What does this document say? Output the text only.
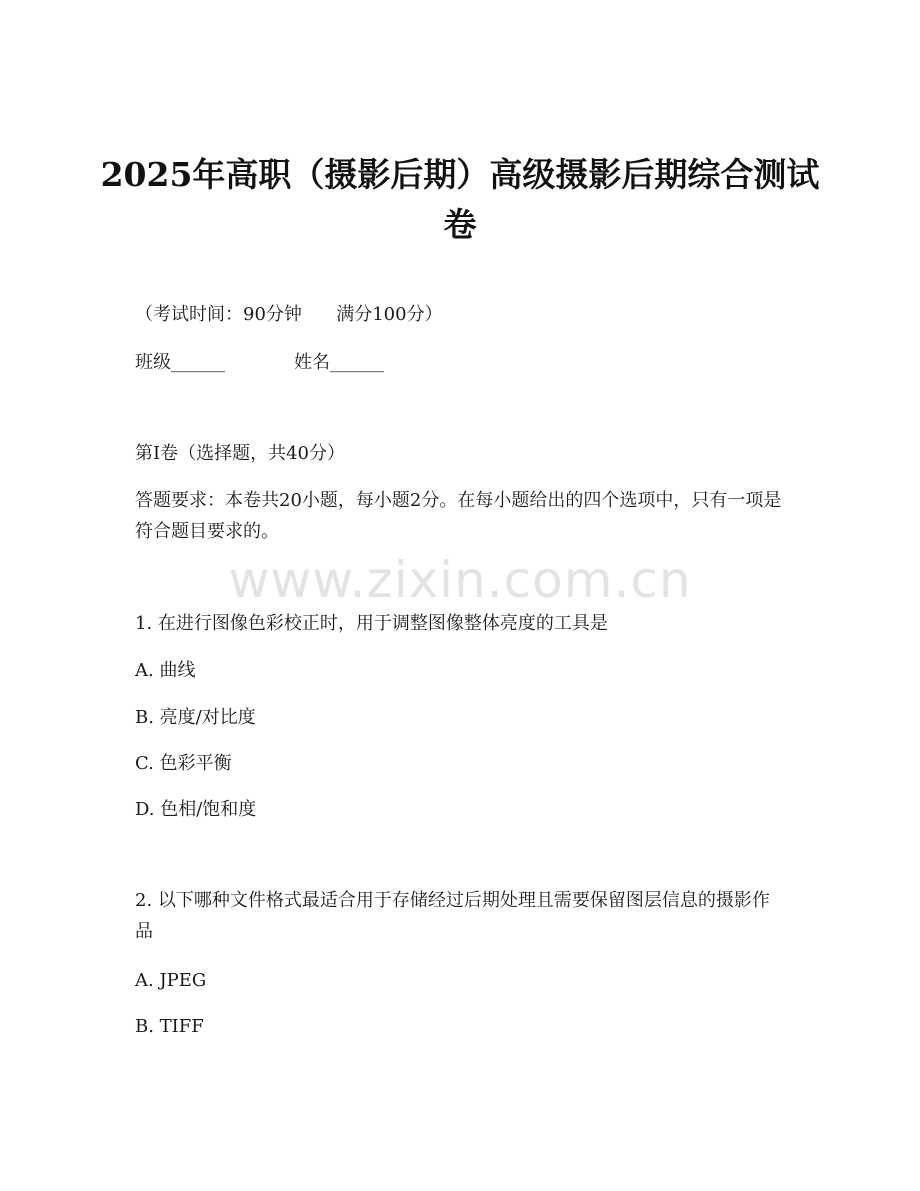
2025年高职（摄影后期）高级摄影后期综合测试卷
（考试时间：90分钟      满分100分）
班级______	姓名______
第I卷（选择题，共40分）

答题要求：本卷共20小题，每小题2分。在每小题给出的四个选项中，只有一项是符合题目要求的。

www.zixin.com.cn
1. 在进行图像色彩校正时，用于调整图像整体亮度的工具是
A. 曲线
B. 亮度/对比度
C. 色彩平衡
D. 色相/饱和度

2. 以下哪种文件格式最适合用于存储经过后期处理且需要保留图层信息的摄影作品

A. JPEG
B. TIFF
